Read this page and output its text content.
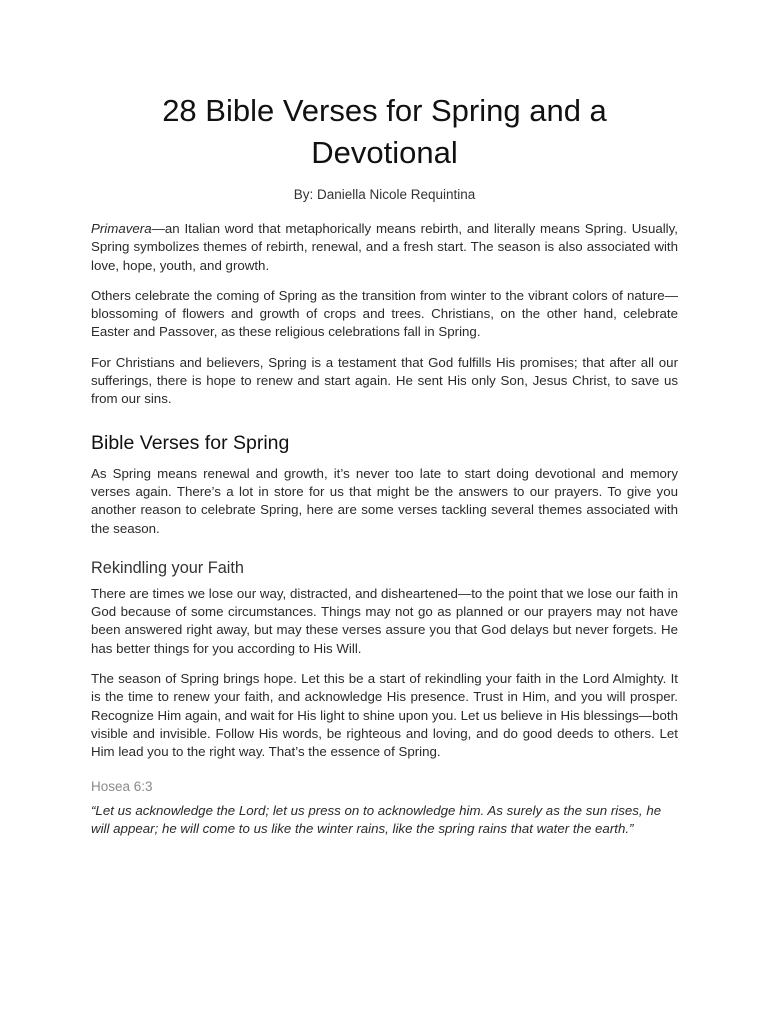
28 Bible Verses for Spring and a Devotional
By: Daniella Nicole Requintina

Primavera—an Italian word that metaphorically means rebirth, and literally means Spring. Usually, Spring symbolizes themes of rebirth, renewal, and a fresh start. The season is also associated with love, hope, youth, and growth.

Others celebrate the coming of Spring as the transition from winter to the vibrant colors of nature—blossoming of flowers and growth of crops and trees. Christians, on the other hand, celebrate Easter and Passover, as these religious celebrations fall in Spring.

For Christians and believers, Spring is a testament that God fulfills His promises; that after all our sufferings, there is hope to renew and start again. He sent His only Son, Jesus Christ, to save us from our sins.

Bible Verses for Spring

As Spring means renewal and growth, it’s never too late to start doing devotional and memory verses again. There’s a lot in store for us that might be the answers to our prayers. To give you another reason to celebrate Spring, here are some verses tackling several themes associated with the season.

Rekindling your Faith

There are times we lose our way, distracted, and disheartened—to the point that we lose our faith in God because of some circumstances. Things may not go as planned or our prayers may not have been answered right away, but may these verses assure you that God delays but never forgets. He has better things for you according to His Will.

The season of Spring brings hope. Let this be a start of rekindling your faith in the Lord Almighty. It is the time to renew your faith, and acknowledge His presence. Trust in Him, and you will prosper. Recognize Him again, and wait for His light to shine upon you. Let us believe in His blessings—both visible and invisible. Follow His words, be righteous and loving, and do good deeds to others. Let Him lead you to the right way. That’s the essence of Spring.

Hosea 6:3

“Let us acknowledge the Lord; let us press on to acknowledge him. As surely as the sun rises, he will appear; he will come to us like the winter rains, like the spring rains that water the earth.”
